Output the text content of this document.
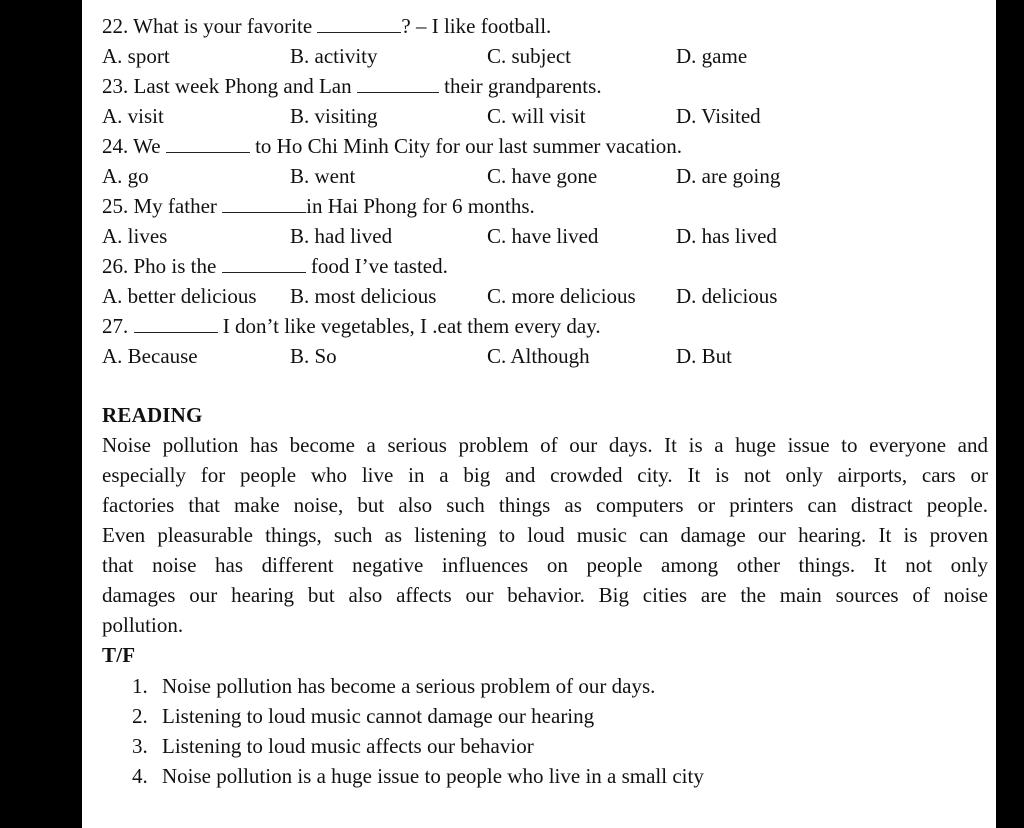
22. What is your favorite	? – I like football.
A. sport	B. activity	C. subject	D. game
23. Last week Phong and Lan	their grandparents.
A. visit	B. visiting	C. will visit	D. Visited
24. We	to Ho Chi Minh City for our last summer vacation.
A. go	B. went	C. have gone	D. are going
25. My father	in Hai Phong for 6 months.
A. lives	B. had lived	C. have lived	D. has lived
26. Pho is the	food I’ve tasted.
A. better delicious B. most delicious C. more delicious D. delicious
27.	I don’t like vegetables, I .eat them every day.
A. Because	B. So	C. Although	D. But
READING
Noise pollution has become a serious problem of our days. It is a huge issue to everyone and
especially for people who live in a big and crowded city. It is not only airports, cars or
factories that make noise, but also such things as computers or printers can distract people.
Even pleasurable things, such as listening to loud music can damage our hearing. It is proven
that noise has different negative influences on people among other things. It not only
damages our hearing but also affects our behavior. Big cities are the main sources of noise
pollution.
T/F
1. Noise pollution has become a serious problem of our days.
2. Listening to loud music cannot damage our hearing
3. Listening to loud music affects our behavior
4. Noise pollution is a huge issue to people who live in a small city
